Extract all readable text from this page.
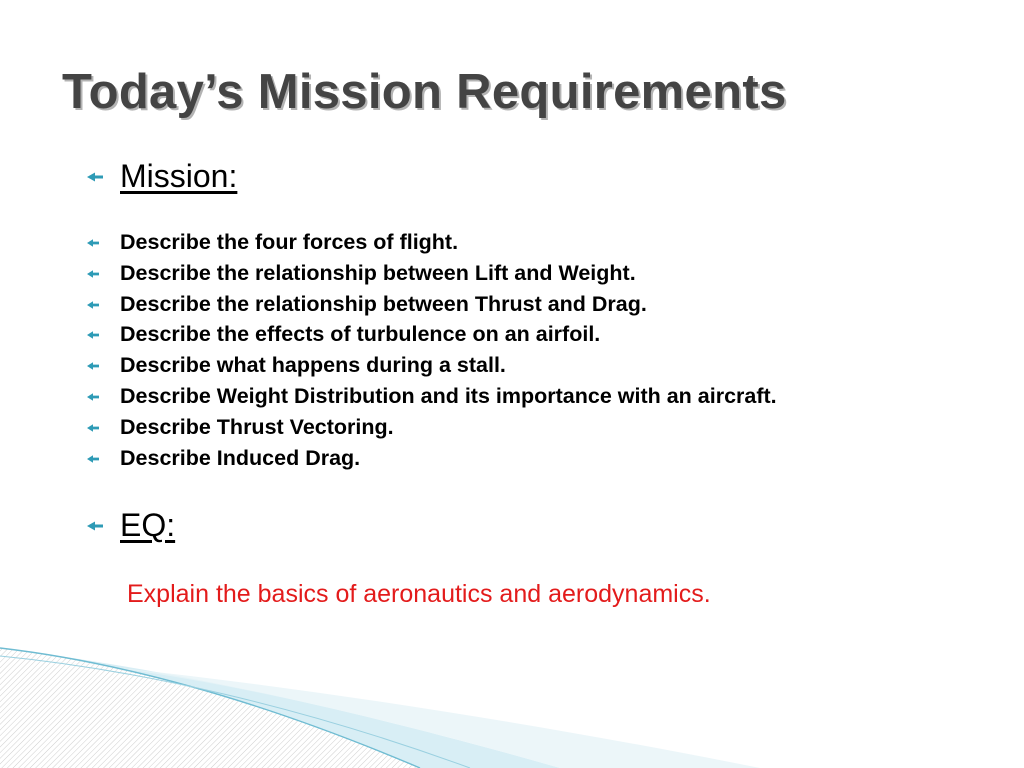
Today’s Mission Requirements
Mission:
Describe the four forces of flight.
Describe the relationship between Lift and Weight.
Describe the relationship between Thrust and Drag.
Describe the effects of turbulence on an airfoil.
Describe what happens during a stall.
Describe Weight Distribution and its importance with an aircraft.
Describe Thrust Vectoring.
Describe Induced Drag.
EQ:
Explain the basics of aeronautics and aerodynamics.
